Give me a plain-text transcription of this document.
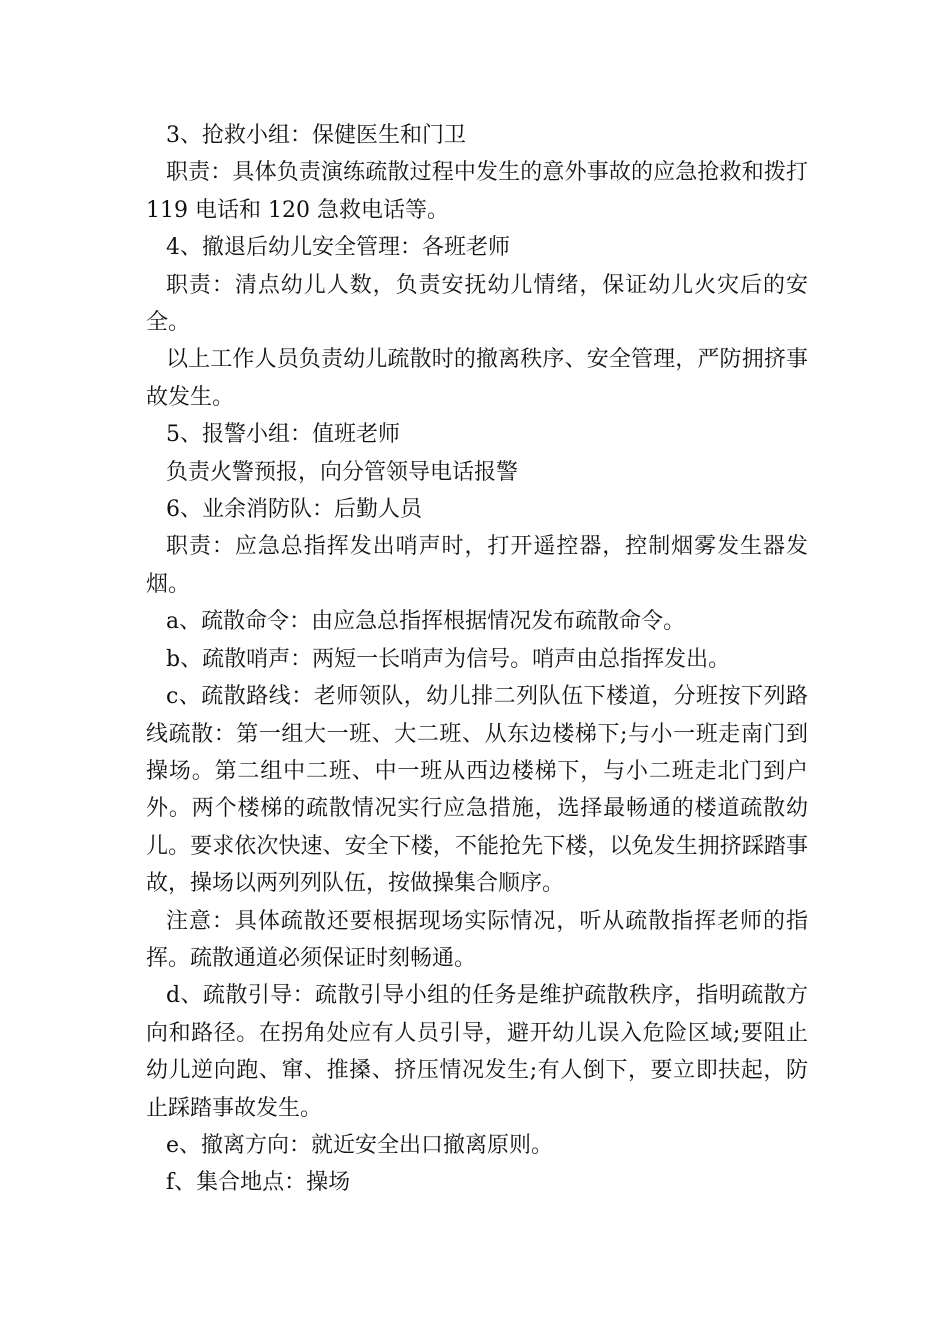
3、抢救小组：保健医生和门卫

职责：具体负责演练疏散过程中发生的意外事故的应急抢救和拨打 119 电话和 120 急救电话等。

4、撤退后幼儿安全管理：各班老师

职责：清点幼儿人数，负责安抚幼儿情绪，保证幼儿火灾后的安全。

以上工作人员负责幼儿疏散时的撤离秩序、安全管理，严防拥挤事故发生。

5、报警小组：值班老师

负责火警预报，向分管领导电话报警

6、业余消防队：后勤人员

职责：应急总指挥发出哨声时，打开遥控器，控制烟雾发生器发烟。

a、疏散命令：由应急总指挥根据情况发布疏散命令。

b、疏散哨声：两短一长哨声为信号。哨声由总指挥发出。

c、疏散路线：老师领队，幼儿排二列队伍下楼道，分班按下列路线疏散：第一组大一班、大二班、从东边楼梯下;与小一班走南门到操场。第二组中二班、中一班从西边楼梯下，与小二班走北门到户外。两个楼梯的疏散情况实行应急措施，选择最畅通的楼道疏散幼儿。要求依次快速、安全下楼，不能抢先下楼，以免发生拥挤踩踏事故，操场以两列列队伍，按做操集合顺序。

注意：具体疏散还要根据现场实际情况，听从疏散指挥老师的指挥。疏散通道必须保证时刻畅通。

d、疏散引导：疏散引导小组的任务是维护疏散秩序，指明疏散方向和路径。在拐角处应有人员引导，避开幼儿误入危险区域;要阻止幼儿逆向跑、窜、推搡、挤压情况发生;有人倒下，要立即扶起，防止踩踏事故发生。

e、撤离方向：就近安全出口撤离原则。

f、集合地点：操场
